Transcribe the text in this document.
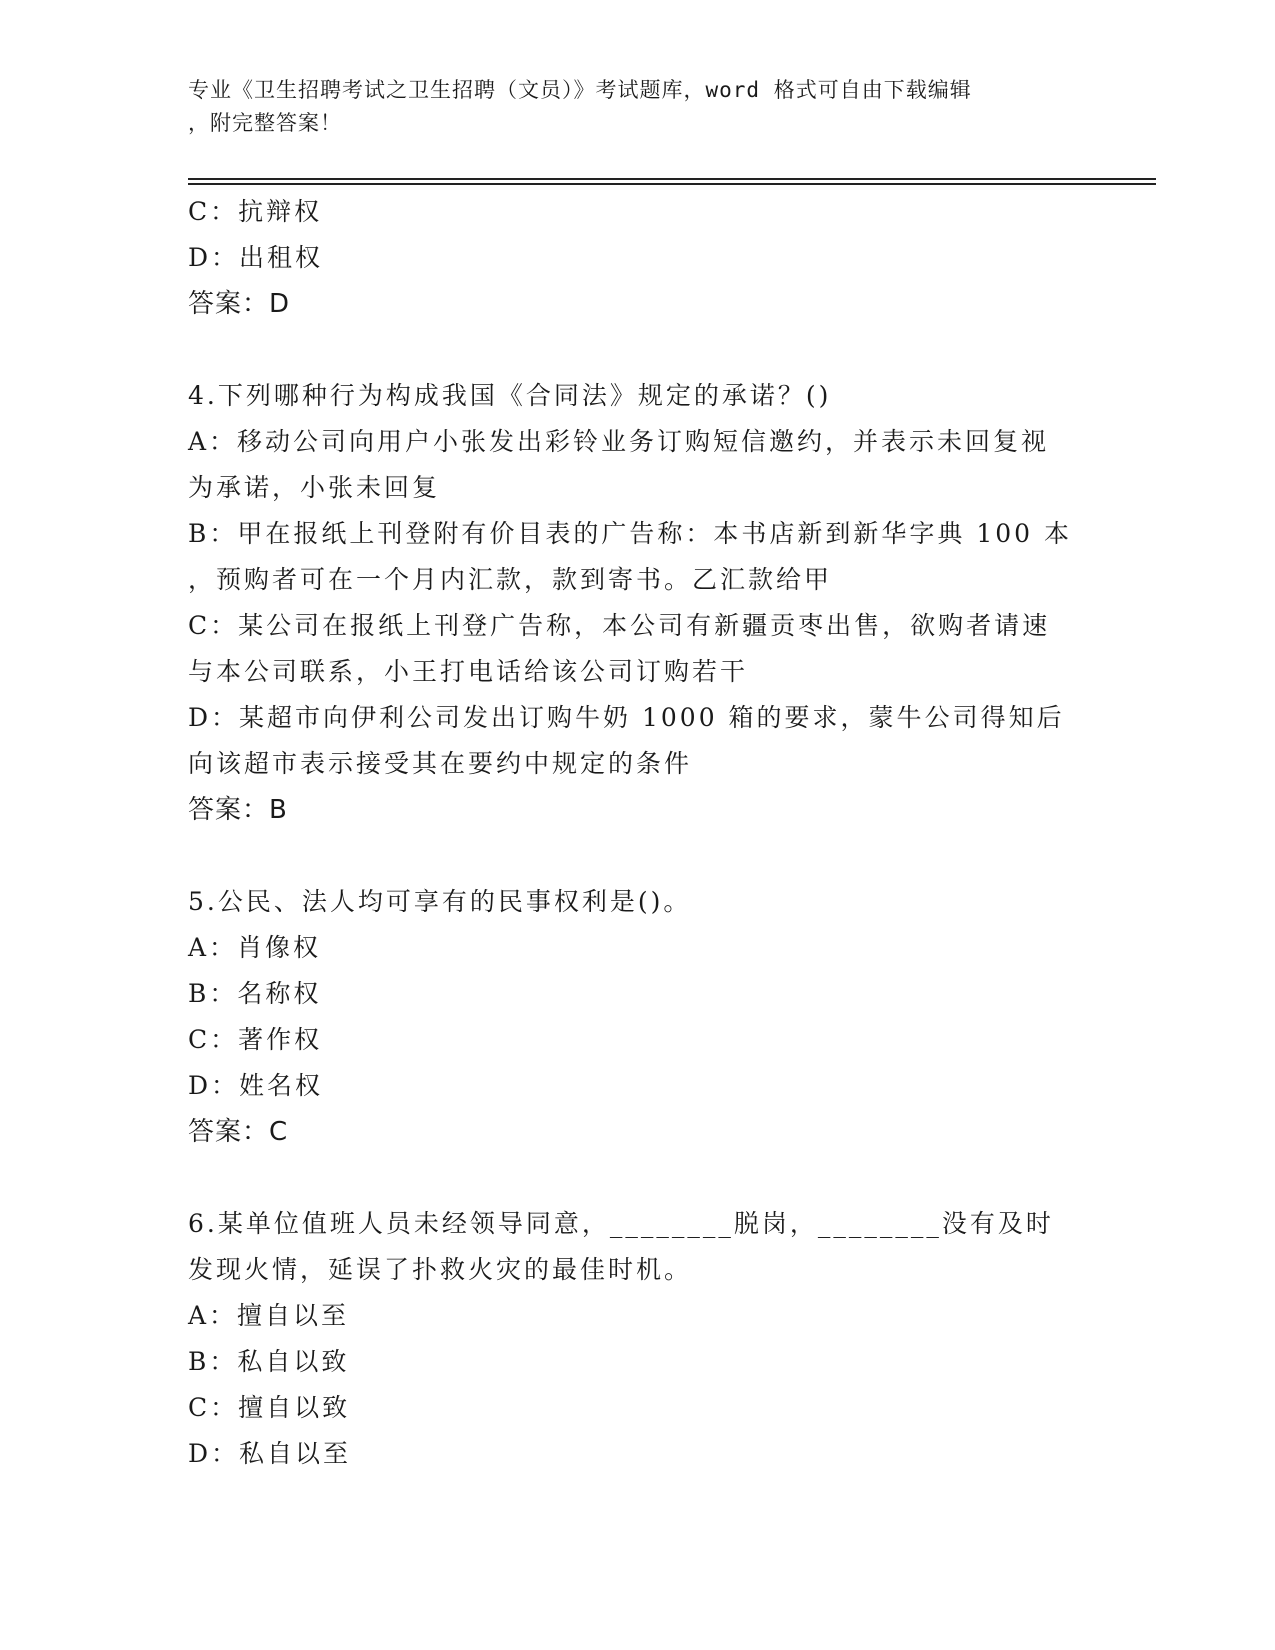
专业《卫生招聘考试之卫生招聘（文员）》考试题库，word 格式可自由下载编辑
，附完整答案！
C：抗辩权
D：出租权
答案：D
4.下列哪种行为构成我国《合同法》规定的承诺？()
A：移动公司向用户小张发出彩铃业务订购短信邀约，并表示未回复视
为承诺，小张未回复
B：甲在报纸上刊登附有价目表的广告称：本书店新到新华字典 100 本
，预购者可在一个月内汇款，款到寄书。乙汇款给甲
C：某公司在报纸上刊登广告称，本公司有新疆贡枣出售，欲购者请速
与本公司联系，小王打电话给该公司订购若干
D：某超市向伊利公司发出订购牛奶 1000 箱的要求，蒙牛公司得知后
向该超市表示接受其在要约中规定的条件
答案：B
5.公民、法人均可享有的民事权利是()。
A：肖像权
B：名称权
C：著作权
D：姓名权
答案：C
6.某单位值班人员未经领导同意，________脱岗，________没有及时
发现火情，延误了扑救火灾的最佳时机。
A：擅自以至
B：私自以致
C：擅自以致
D：私自以至
